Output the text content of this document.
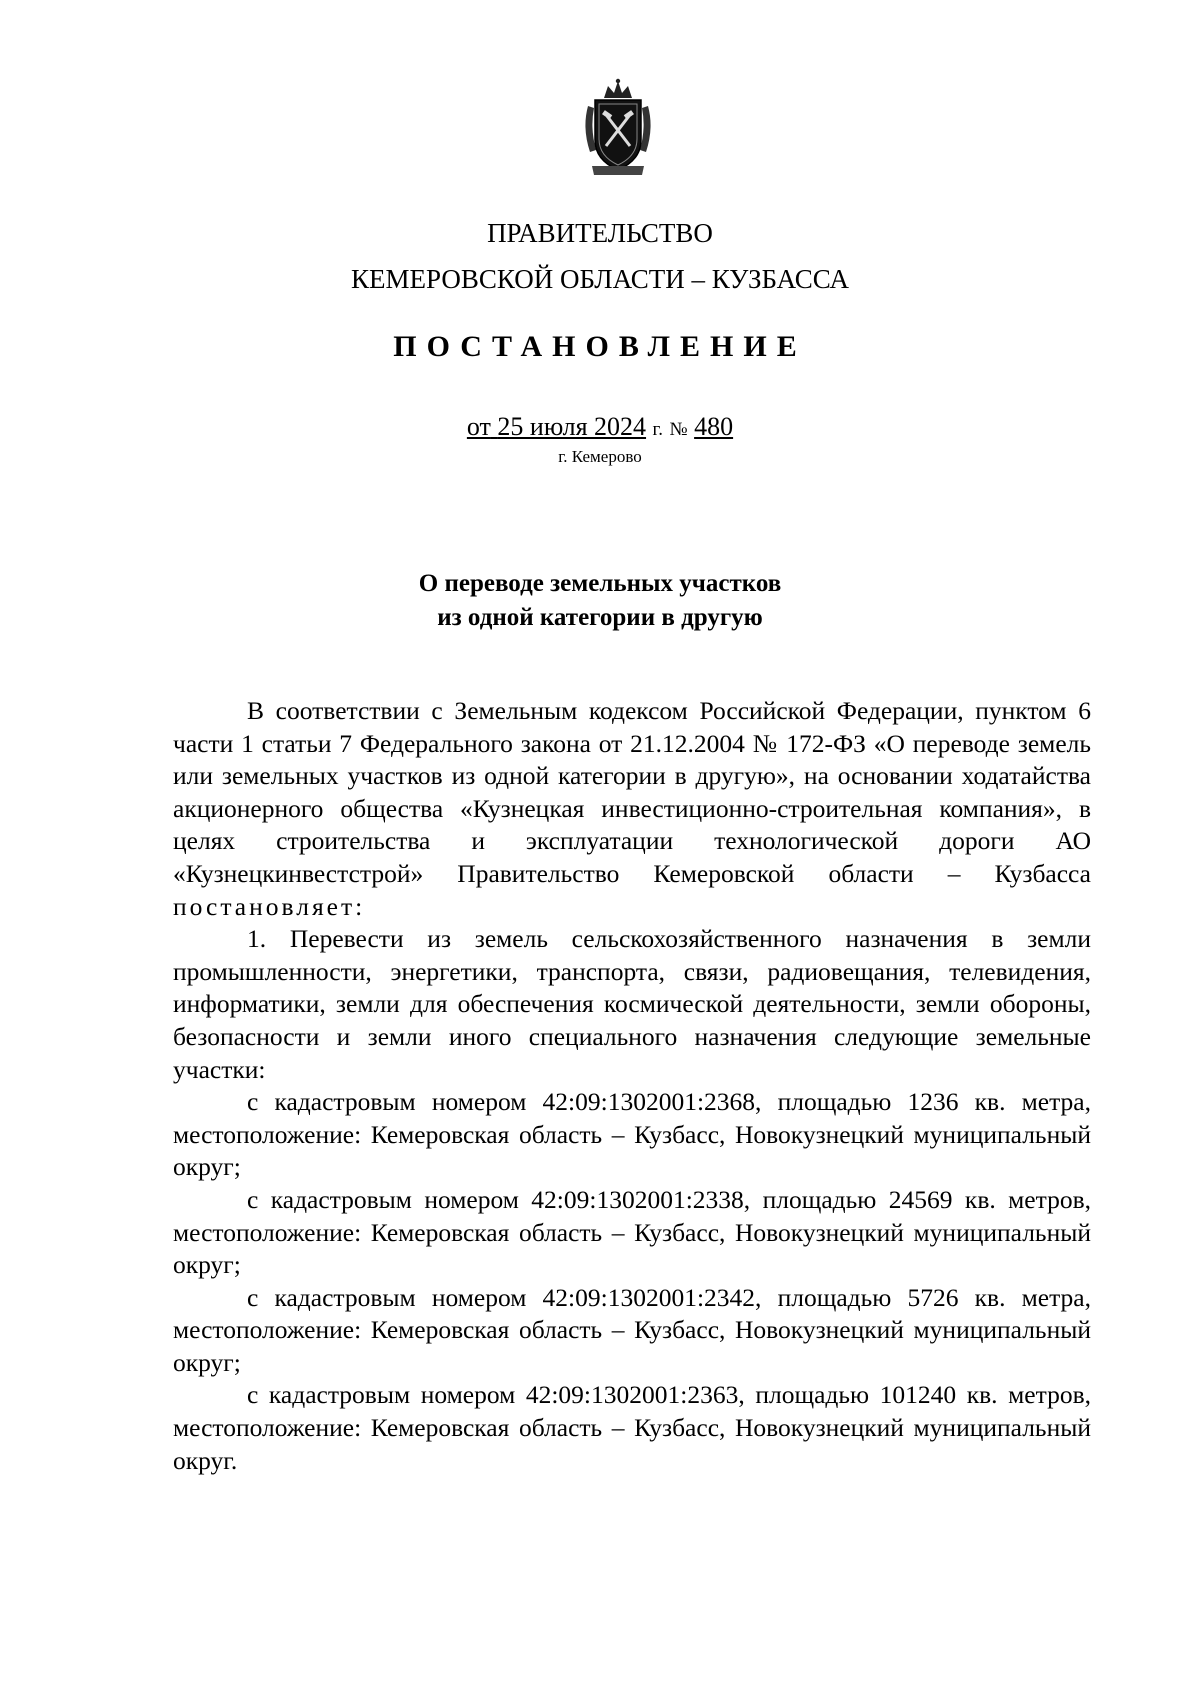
ПРАВИТЕЛЬСТВО
КЕМЕРОВСКОЙ ОБЛАСТИ – КУЗБАССА
ПОСТАНОВЛЕНИЕ
от 25 июля 2024 г. № 480
г. Кемерово
О переводе земельных участков
из одной категории в другую

В соответствии с Земельным кодексом Российской Федерации, пунктом 6 части 1 статьи 7 Федерального закона от 21.12.2004 № 172-ФЗ «О переводе земель или земельных участков из одной категории в другую», на основании ходатайства акционерного общества «Кузнецкая инвестиционно-строительная компания», в целях строительства и эксплуатации технологической дороги АО «Кузнецкинвестстрой» Правительство Кемеровской области – Кузбасса постановляет:

1. Перевести из земель сельскохозяйственного назначения в земли промышленности, энергетики, транспорта, связи, радиовещания, телевидения, информатики, земли для обеспечения космической деятельности, земли обороны, безопасности и земли иного специального назначения следующие земельные участки:

с кадастровым номером 42:09:1302001:2368, площадью 1236 кв. метра, местоположение: Кемеровская область – Кузбасс, Новокузнецкий муниципальный округ;

с кадастровым номером 42:09:1302001:2338, площадью 24569 кв. метров, местоположение: Кемеровская область – Кузбасс, Новокузнецкий муниципальный округ;

с кадастровым номером 42:09:1302001:2342, площадью 5726 кв. метра, местоположение: Кемеровская область – Кузбасс, Новокузнецкий муниципальный округ;

с кадастровым номером 42:09:1302001:2363, площадью 101240 кв. метров, местоположение: Кемеровская область – Кузбасс, Новокузнецкий муниципальный округ.
